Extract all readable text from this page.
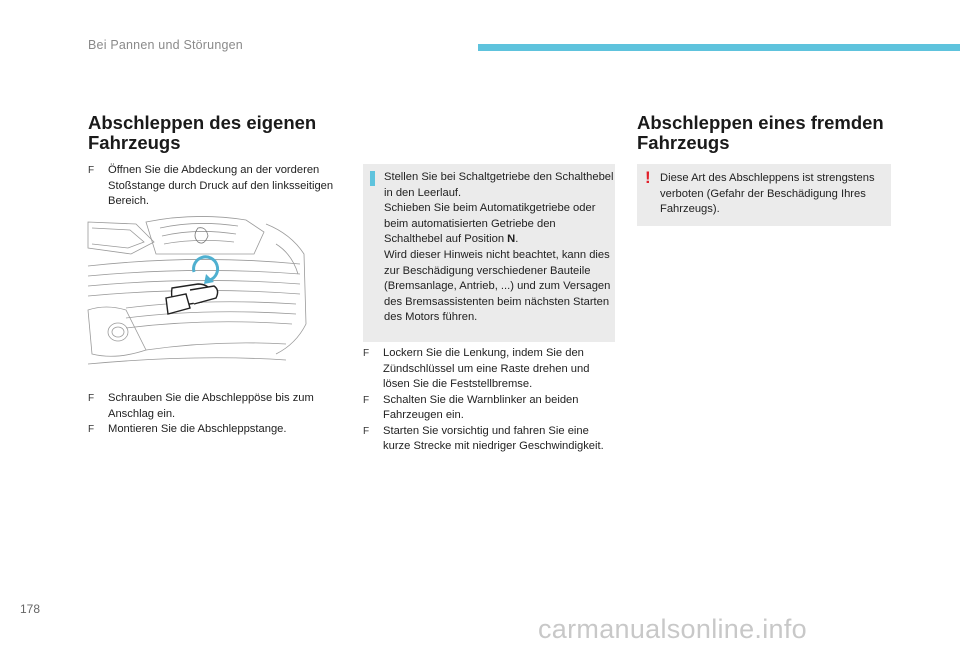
Bei Pannen und Störungen
Abschleppen des eigenen Fahrzeugs
F Öffnen Sie die Abdeckung an der vorderen Stoßstange durch Druck auf den linksseitigen Bereich.
F Schrauben Sie die Abschleppöse bis zum Anschlag ein.
F Montieren Sie die Abschleppstange.
Stellen Sie bei Schaltgetriebe den Schalthebel in den Leerlauf.
Schieben Sie beim Automatikgetriebe oder beim automatisierten Getriebe den Schalthebel auf Position N.
Wird dieser Hinweis nicht beachtet, kann dies zur Beschädigung verschiedener Bauteile (Bremsanlage, Antrieb, ...) und zum Versagen des Bremsassistenten beim nächsten Starten des Motors führen.
F Lockern Sie die Lenkung, indem Sie den Zündschlüssel um eine Raste drehen und lösen Sie die Feststellbremse.
F Schalten Sie die Warnblinker an beiden Fahrzeugen ein.
F Starten Sie vorsichtig und fahren Sie eine kurze Strecke mit niedriger Geschwindigkeit.
Abschleppen eines fremden Fahrzeugs
! Diese Art des Abschleppens ist strengstens verboten (Gefahr der Beschädigung Ihres Fahrzeugs).
178
carmanualsonline.info
